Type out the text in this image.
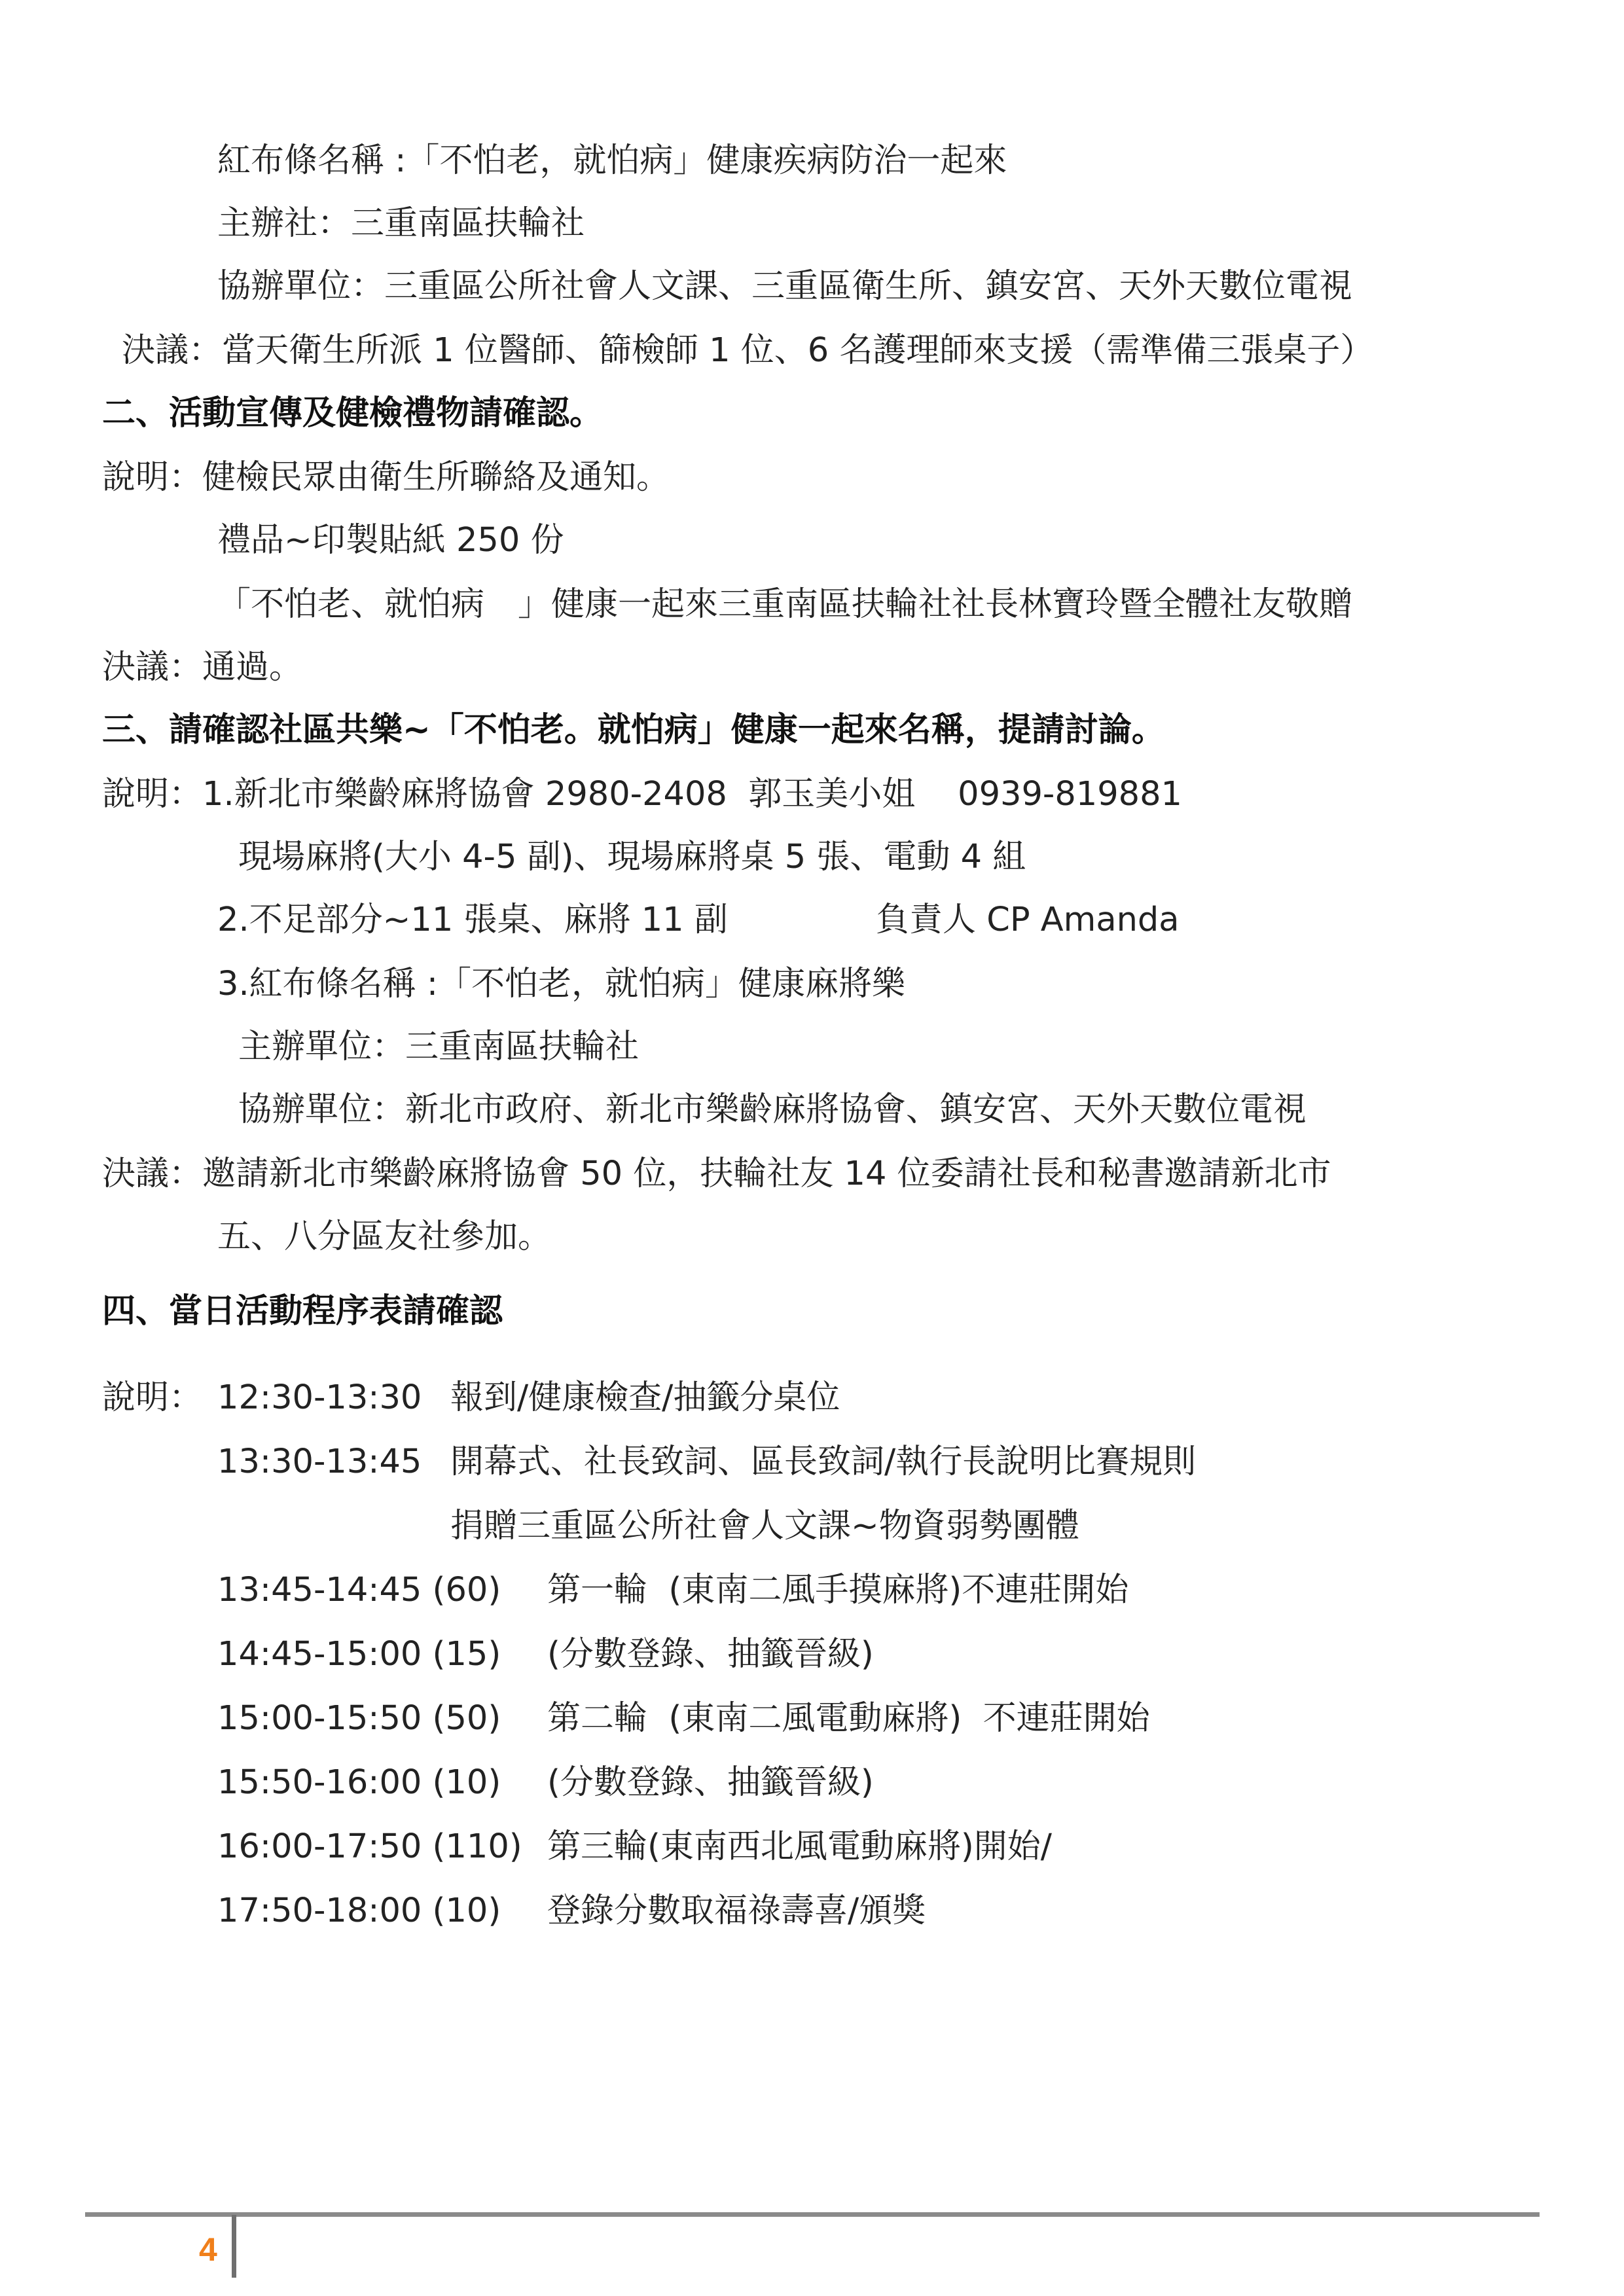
紅布條名稱 :「不怕老，就怕病」健康疾病防治一起來
主辦社：三重南區扶輪社
協辦單位：三重區公所社會人文課、三重區衛生所、鎮安宮、天外天數位電視
決議：當天衛生所派 1 位醫師、篩檢師 1 位、6 名護理師來支援（需準備三張桌子）
二、活動宣傳及健檢禮物請確認。
說明：健檢民眾由衛生所聯絡及通知。
禮品~印製貼紙 250 份
「不怕老、就怕病　」健康一起來三重南區扶輪社社長林寶玲暨全體社友敬贈
決議：通過。
三、請確認社區共樂~「不怕老。就怕病」健康一起來名稱，提請討論。
說明：1.新北市樂齡麻將協會 2980-2408  郭玉美小姐    0939-819881
現場麻將(大小 4-5 副)、現場麻將桌 5 張、電動 4 組
2.不足部分~11 張桌、麻將 11 副	負責人 CP Amanda
3.紅布條名稱 :「不怕老，就怕病」健康麻將樂
主辦單位：三重南區扶輪社
協辦單位：新北市政府、新北市樂齡麻將協會、鎮安宮、天外天數位電視
決議：邀請新北市樂齡麻將協會 50 位，扶輪社友 14 位委請社長和秘書邀請新北市
五、八分區友社參加。
四、當日活動程序表請確認
說明： 12:30-13:30 報到/健康檢查/抽籤分桌位
13:30-13:45 開幕式、社長致詞、區長致詞/執行長說明比賽規則
捐贈三重區公所社會人文課~物資弱勢團體
13:45-14:45 (60) 第一輪  (東南二風手摸麻將)不連莊開始
14:45-15:00 (15) (分數登錄、抽籤晉級)
15:00-15:50 (50) 第二輪  (東南二風電動麻將)  不連莊開始
15:50-16:00 (10) (分數登錄、抽籤晉級)
16:00-17:50 (110) 第三輪(東南西北風電動麻將)開始/
17:50-18:00 (10) 登錄分數取福祿壽喜/頒獎
4
